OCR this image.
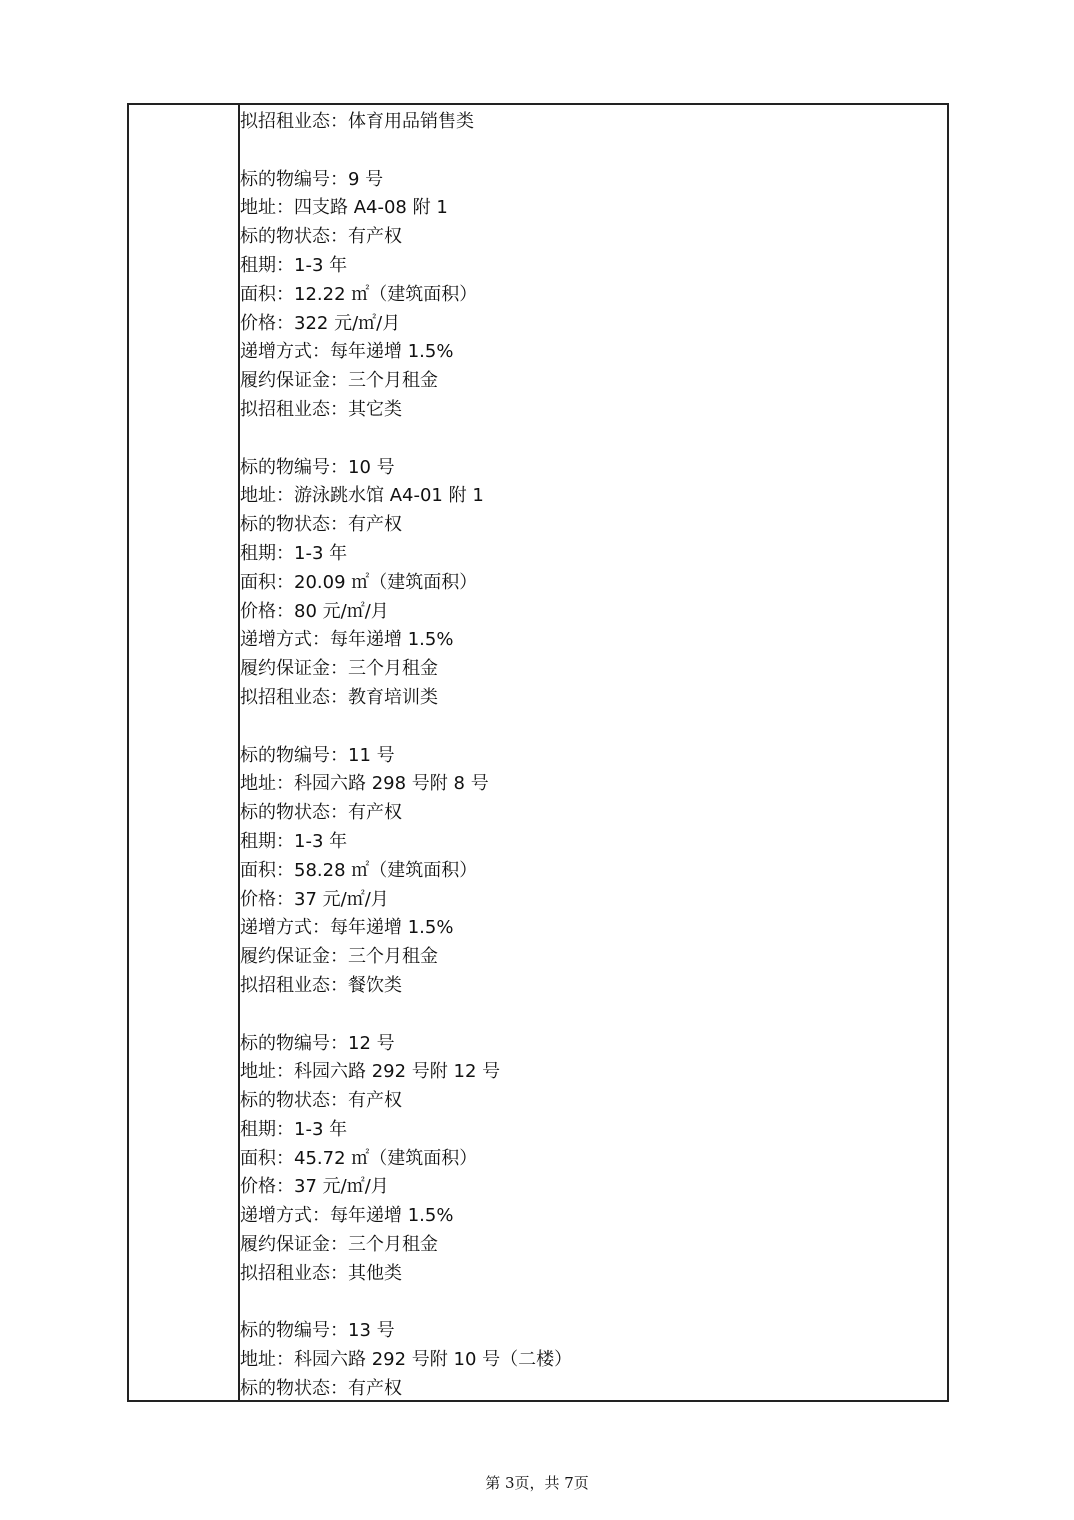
拟招租业态：体育用品销售类
标的物编号：9 号
地址：四支路 A4-08 附 1
标的物状态：有产权
租期：1-3 年
面积：12.22 ㎡（建筑面积）
价格：322 元/㎡/月
递增方式：每年递增 1.5%
履约保证金：三个月租金
拟招租业态：其它类
标的物编号：10 号
地址：游泳跳水馆 A4-01 附 1
标的物状态：有产权
租期：1-3 年
面积：20.09 ㎡（建筑面积）
价格：80 元/㎡/月
递增方式：每年递增 1.5%
履约保证金：三个月租金
拟招租业态：教育培训类
标的物编号：11 号
地址：科园六路 298 号附 8 号
标的物状态：有产权
租期：1-3 年
面积：58.28 ㎡（建筑面积）
价格：37 元/㎡/月
递增方式：每年递增 1.5%
履约保证金：三个月租金
拟招租业态：餐饮类
标的物编号：12 号
地址：科园六路 292 号附 12 号
标的物状态：有产权
租期：1-3 年
面积：45.72 ㎡（建筑面积）
价格：37 元/㎡/月
递增方式：每年递增 1.5%
履约保证金：三个月租金
拟招租业态：其他类
标的物编号：13 号
地址：科园六路 292 号附 10 号（二楼）
标的物状态：有产权
第 3页，共 7页
